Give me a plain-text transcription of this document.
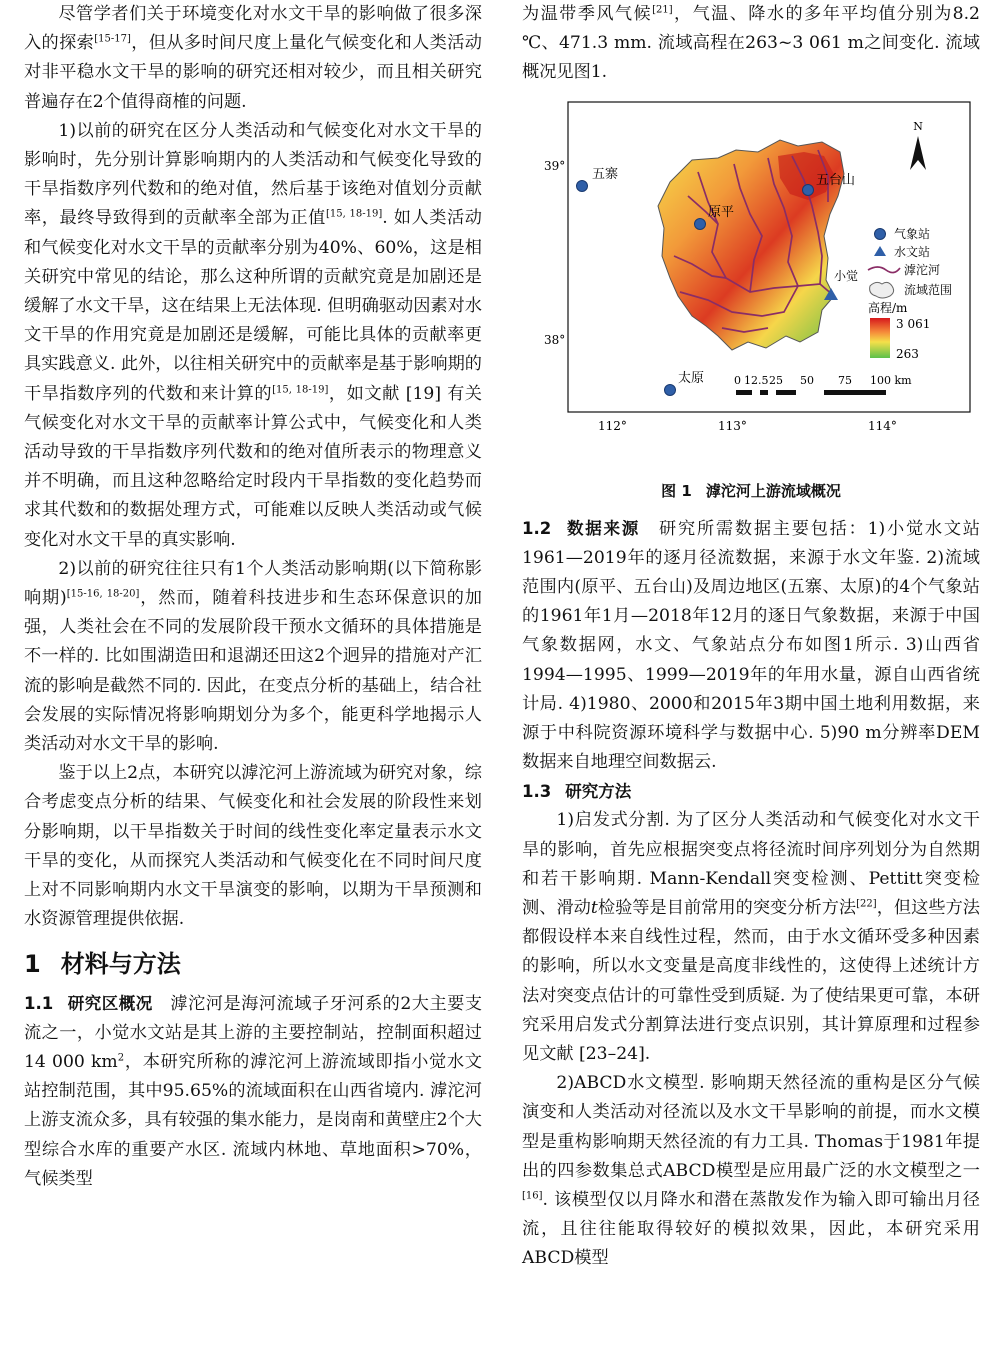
尽管学者们关于环境变化对水文干旱的影响做了很多深入的探索[15-17]，但从多时间尺度上量化气候变化和人类活动对非平稳水文干旱的影响的研究还相对较少，而且相关研究普遍存在2个值得商榷的问题.

1)以前的研究在区分人类活动和气候变化对水文干旱的影响时，先分别计算影响期内的人类活动和气候变化导致的干旱指数序列代数和的绝对值，然后基于该绝对值划分贡献率，最终导致得到的贡献率全部为正值[15, 18-19]. 如人类活动和气候变化对水文干旱的贡献率分别为40%、60%，这是相关研究中常见的结论，那么这种所谓的贡献究竟是加剧还是缓解了水文干旱，这在结果上无法体现. 但明确驱动因素对水文干旱的作用究竟是加剧还是缓解，可能比具体的贡献率更具实践意义. 此外，以往相关研究中的贡献率是基于影响期的干旱指数序列的代数和来计算的[15, 18-19]，如文献 [19] 有关气候变化对水文干旱的贡献率计算公式中，气候变化和人类活动导致的干旱指数序列代数和的绝对值所表示的物理意义并不明确，而且这种忽略给定时段内干旱指数的变化趋势而求其代数和的数据处理方式，可能难以反映人类活动或气候变化对水文干旱的真实影响.

2)以前的研究往往只有1个人类活动影响期(以下简称影响期)[15-16, 18-20]，然而，随着科技进步和生态环保意识的加强，人类社会在不同的发展阶段干预水文循环的具体措施是不一样的. 比如围湖造田和退湖还田这2个迥异的措施对产汇流的影响是截然不同的. 因此，在变点分析的基础上，结合社会发展的实际情况将影响期划分为多个，能更科学地揭示人类活动对水文干旱的影响.

鉴于以上2点，本研究以滹沱河上游流域为研究对象，综合考虑变点分析的结果、气候变化和社会发展的阶段性来划分影响期，以干旱指数关于时间的线性变化率定量表示水文干旱的变化，从而探究人类活动和气候变化在不同时间尺度上对不同影响期内水文干旱演变的影响，以期为干旱预测和水资源管理提供依据.

1 材料与方法

1.1 研究区概况  滹沱河是海河流域子牙河系的2大主要支流之一，小觉水文站是其上游的主要控制站，控制面积超过14 000 $km^2$，本研究所称的滹沱河上游流域即指小觉水文站控制范围，其中95.65%的流域面积在山西省境内. 滹沱河上游支流众多，具有较强的集水能力，是岗南和黄壁庄2个大型综合水库的重要产水区. 流域内林地、草地面积>70%，气候类型

为温带季风气候[21]，气温、降水的多年平均值分别为8.2 ℃、471.3 mm. 流域高程在263~3 061 m之间变化. 流域概况见图1.

39°
38°
112°	113°	114°
N
五寨
原平
五台山
太原
小觉
气象站
水文站
滹沱河
流域范围
高程/m
3 061
263
0 12.5 25 50 75 100 km
图 1 滹沱河上游流域概况

1.2 数据来源  研究所需数据主要包括：1)小觉水文站1961—2019年的逐月径流数据，来源于水文年鉴. 2)流域范围内(原平、五台山)及周边地区(五寨、太原)的4个气象站的1961年1月—2018年12月的逐日气象数据，来源于中国气象数据网，水文、气象站点分布如图1所示. 3)山西省1994—1995、1999—2019年的年用水量，源自山西省统计局. 4)1980、2000和2015年3期中国土地利用数据，来源于中科院资源环境科学与数据中心. 5)90 m分辨率DEM数据来自地理空间数据云.

1.3 研究方法

1)启发式分割. 为了区分人类活动和气候变化对水文干旱的影响，首先应根据突变点将径流时间序列划分为自然期和若干影响期. Mann-Kendall突变检测、Pettitt突变检测、滑动t检验等是目前常用的突变分析方法[22]，但这些方法都假设样本来自线性过程，然而，由于水文循环受多种因素的影响，所以水文变量是高度非线性的，这使得上述统计方法对突变点估计的可靠性受到质疑. 为了使结果更可靠，本研究采用启发式分割算法进行变点识别，其计算原理和过程参见文献 [23–24].

2)ABCD水文模型. 影响期天然径流的重构是区分气候演变和人类活动对径流以及水文干旱影响的前提，而水文模型是重构影响期天然径流的有力工具. Thomas于1981年提出的四参数集总式ABCD模型是应用最广泛的水文模型之一[16]. 该模型仅以月降水和潜在蒸散发作为输入即可输出月径流，且往往能取得较好的模拟效果，因此，本研究采用ABCD模型
